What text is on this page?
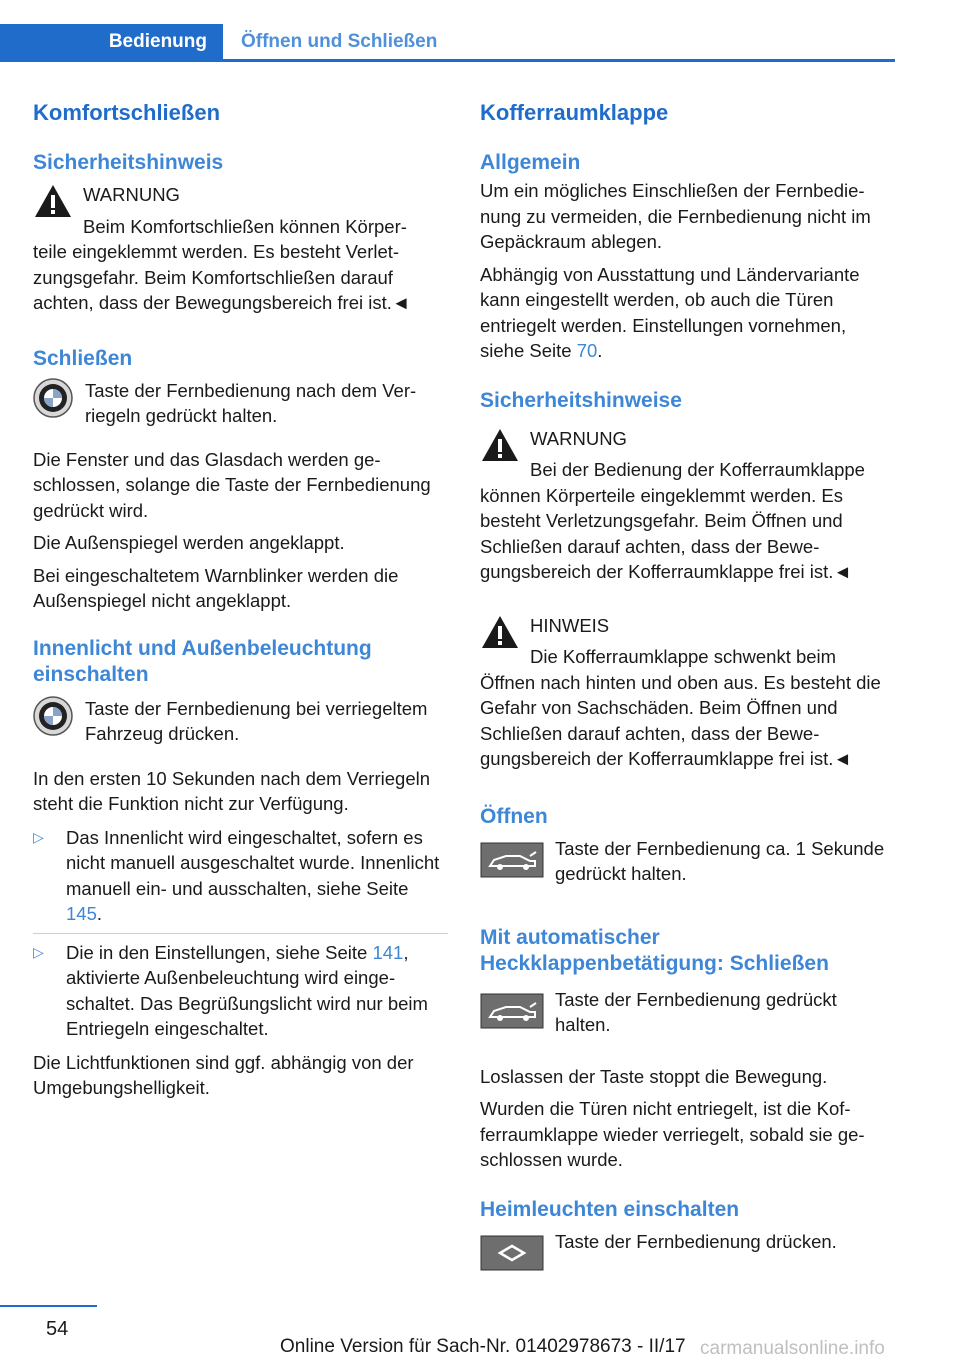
Bedienung	Öffnen und Schließen
Komfortschließen
Sicherheitshinweis

WARNUNG

Beim Komfortschließen können Körper-

teile eingeklemmt werden. Es besteht Verletzungsgefahr. Beim Komfortschließen darauf achten, dass der Bewegungsbereich frei ist.◄

Schließen

Taste der Fernbedienung nach dem Verriegeln gedrückt halten.

Die Fenster und das Glasdach werden geschlossen, solange die Taste der Fernbedienung gedrückt wird.

Die Außenspiegel werden angeklappt.

Bei eingeschaltetem Warnblinker werden die Außenspiegel nicht angeklappt.

Innenlicht und Außenbeleuchtung einschalten

Taste der Fernbedienung bei verriegeltem Fahrzeug drücken.

In den ersten 10 Sekunden nach dem Verriegeln steht die Funktion nicht zur Verfügung.

▷ Das Innenlicht wird eingeschaltet, sofern es nicht manuell ausgeschaltet wurde. Innenlicht manuell ein- und ausschalten, siehe Seite 145.
▷ Die in den Einstellungen, siehe Seite 141, aktivierte Außenbeleuchtung wird eingeschaltet. Das Begrüßungslicht wird nur beim Entriegeln eingeschaltet.

Die Lichtfunktionen sind ggf. abhängig von der Umgebungshelligkeit.

Kofferraumklappe
Allgemein

Um ein mögliches Einschließen der Fernbedienung zu vermeiden, die Fernbedienung nicht im Gepäckraum ablegen.

Abhängig von Ausstattung und Ländervariante kann eingestellt werden, ob auch die Türen entriegelt werden. Einstellungen vornehmen, siehe Seite 70.

Sicherheitshinweise

WARNUNG

Bei der Bedienung der Kofferraumklappe

können Körperteile eingeklemmt werden. Es besteht Verletzungsgefahr. Beim Öffnen und Schließen darauf achten, dass der Bewegungsbereich der Kofferraumklappe frei ist.◄

HINWEIS

Die Kofferraumklappe schwenkt beim

Öffnen nach hinten und oben aus. Es besteht die Gefahr von Sachschäden. Beim Öffnen und Schließen darauf achten, dass der Bewegungsbereich der Kofferraumklappe frei ist.◄

Öffnen

Taste der Fernbedienung ca. 1 Sekunde gedrückt halten.

Mit automatischer Heckklappenbetätigung: Schließen

Taste der Fernbedienung gedrückt halten.

Loslassen der Taste stoppt die Bewegung.

Wurden die Türen nicht entriegelt, ist die Kofferraumklappe wieder verriegelt, sobald sie geschlossen wurde.

Heimleuchten einschalten

Taste der Fernbedienung drücken.

54
Online Version für Sach-Nr. 01402978673 - II/17 carmanualsonline.info
